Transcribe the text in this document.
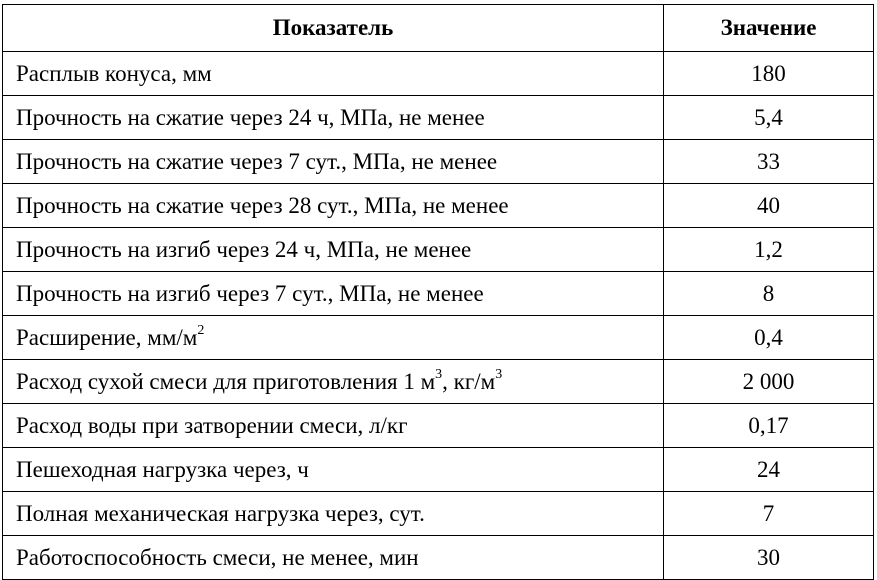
Показатель	Значение
Расплыв конуса, мм	180
Прочность на сжатие через 24 ч, МПа, не менее	5,4
Прочность на сжатие через 7 сут., МПа, не менее	33
Прочность на сжатие через 28 сут., МПа, не менее	40
Прочность на изгиб через 24 ч, МПа, не менее	1,2
Прочность на изгиб через 7 сут., МПа, не менее	8
Расширение, $мм/м^2$	0,4
Расход сухой смеси для приготовления 1 $м^3$, $кг/м^3$	2 000
Расход воды при затворении смеси, л/кг	0,17
Пешеходная нагрузка через, ч	24
Полная механическая нагрузка через, сут.	7
Работоспособность смеси, не менее, мин	30
